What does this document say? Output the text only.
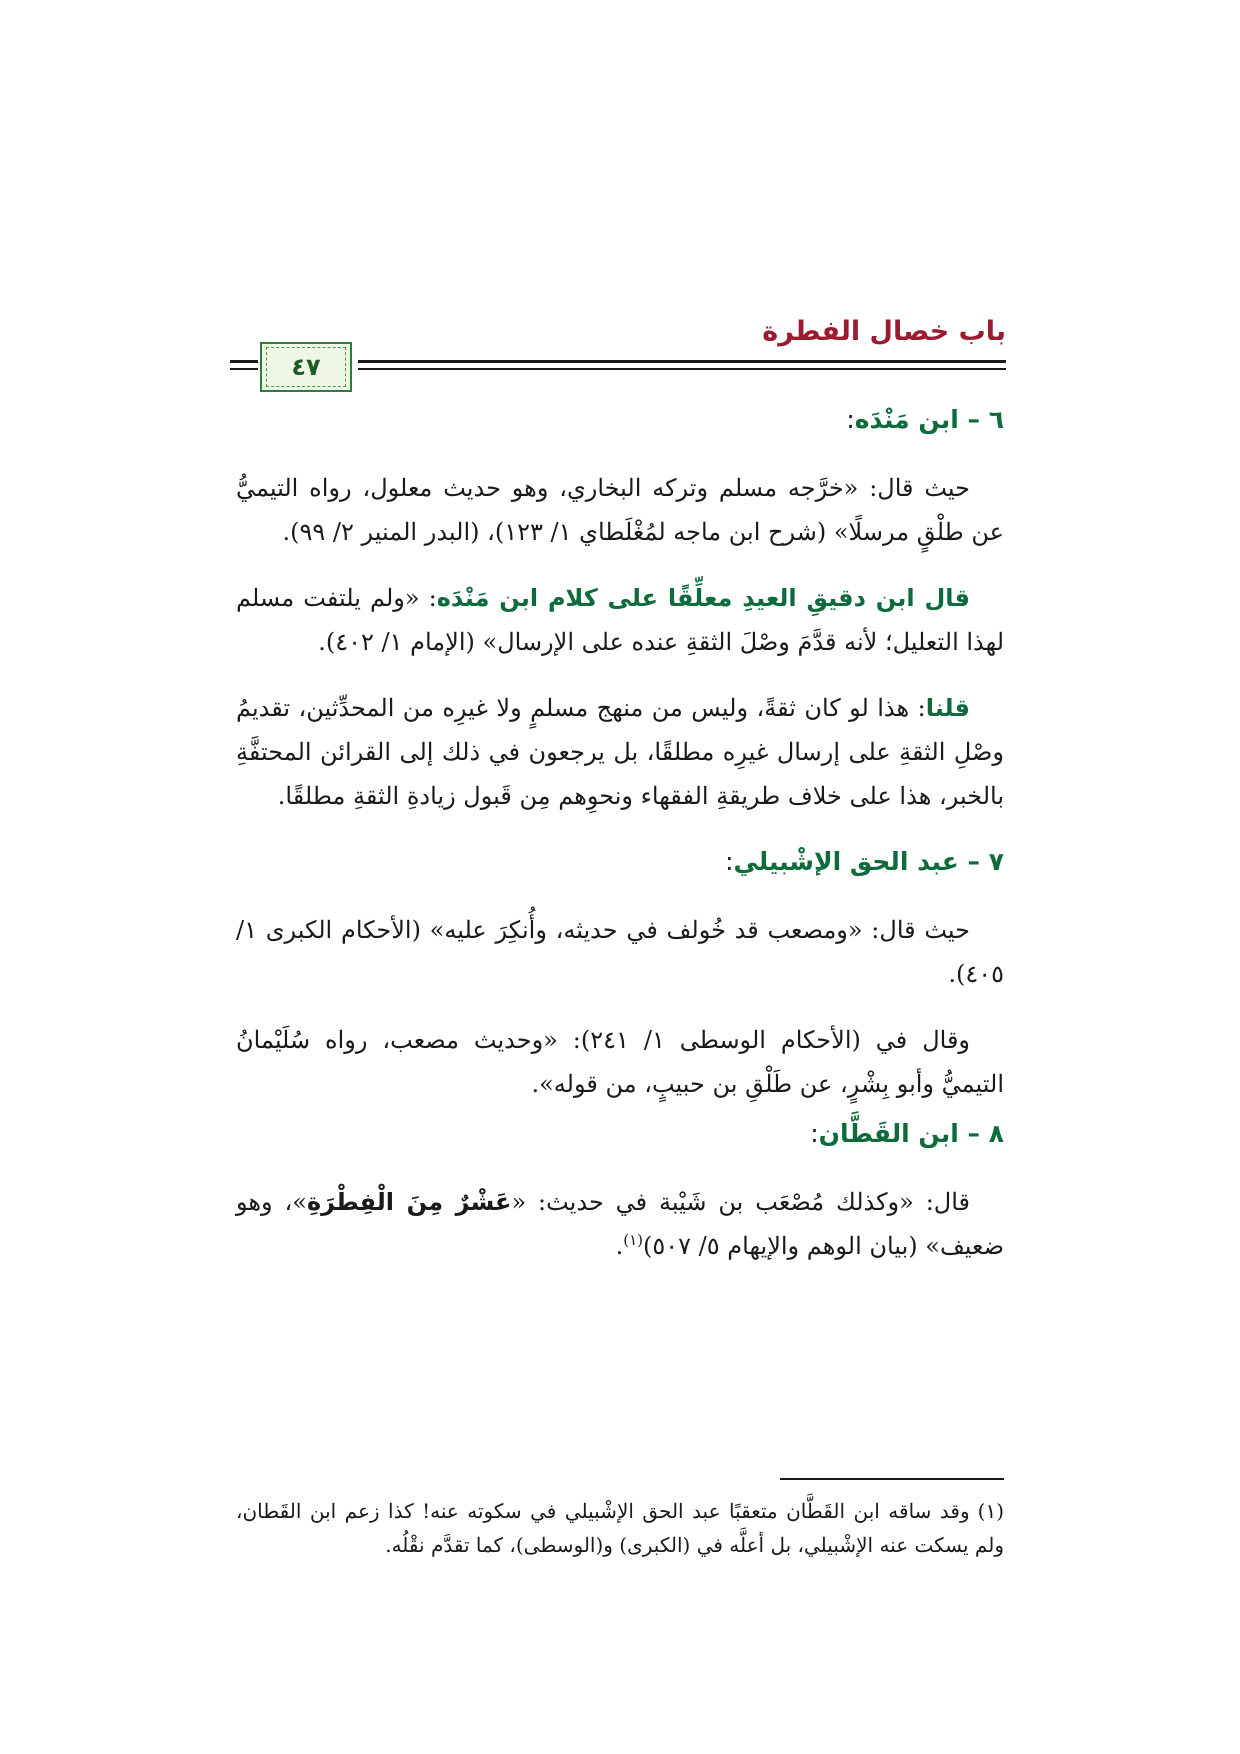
باب خصال الفطرة
٤٧
٦ – ابن مَنْدَه:

حيث قال: «خرَّجه مسلم وتركه البخاري، وهو حديث معلول، رواه التيميُّ عن طلْقٍ مرسلًا» (شرح ابن ماجه لمُغْلَطاي ١/ ١٢٣)، (البدر المنير ٢/ ٩٩).

قال ابن دقيقِ العيدِ معلِّقًا على كلام ابن مَنْدَه: «ولم يلتفت مسلم لهذا التعليل؛ لأنه قدَّمَ وصْلَ الثقةِ عنده على الإرسال» (الإمام ١/ ٤٠٢).

قلنا: هذا لو كان ثقةً، وليس من منهج مسلمٍ ولا غيرِه من المحدِّثين، تقديمُ وصْلِ الثقةِ على إرسال غيرِه مطلقًا، بل يرجعون في ذلك إلى القرائن المحتفَّةِ بالخبر، هذا على خلاف طريقةِ الفقهاء ونحوِهم مِن قَبول زيادةِ الثقةِ مطلقًا.

٧ – عبد الحق الإشْبيلي:

حيث قال: «ومصعب قد خُولف في حديثه، وأُنكِرَ عليه» (الأحكام الكبرى ١/ ٤٠٥).

وقال في (الأحكام الوسطى ١/ ٢٤١): «وحديث مصعب، رواه سُلَيْمانُ التيميُّ وأبو بِشْرٍ، عن طَلْقِ بن حبيبٍ، من قوله».

٨ – ابن القَطَّان:

قال: «وكذلك مُصْعَب بن شَيْبة في حديث: «عَشْرٌ مِنَ الْفِطْرَةِ»، وهو ضعيف» (بيان الوهم والإيهام ٥/ ٥٠٧)$^{(١)}$.

(١)وقد ساقه ابن القَطَّان متعقبًا عبد الحق الإشْبيلي في سكوته عنه! كذا زعم ابن القَطان، ولم يسكت عنه الإشْبيلي، بل أعلَّه في (الكبرى) و(الوسطى)، كما تقدَّم نقْلُه.
